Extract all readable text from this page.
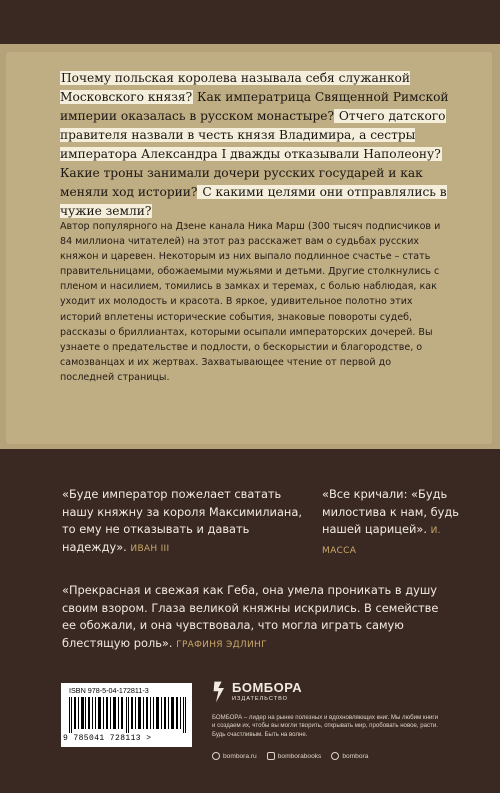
Почему польская королева называла себя служанкой Московского князя? Как императрица Священной Римской империи оказалась в русском монастыре? Отчего датского правителя назвали в честь князя Владимира, а сестры императора Александра I дважды отказывали Наполеону? Какие троны занимали дочери русских государей и как меняли ход истории? С какими целями они отправлялись в чужие земли?
Автор популярного на Дзене канала Ника Марш (300 тысяч подписчиков и 84 миллиона читателей) на этот раз расскажет вам о судьбах русских княжон и царевен. Некоторым из них выпало подлинное счастье – стать правительницами, обожаемыми мужьями и детьми. Другие столкнулись с пленом и насилием, томились в замках и теремах, с болью наблюдая, как уходит их молодость и красота. В яркое, удивительное полотно этих историй вплетены исторические события, знаковые повороты судеб, рассказы о бриллиантах, которыми осыпали императорских дочерей. Вы узнаете о предательстве и подлости, о бескорыстии и благородстве, о самозванцах и их жертвах. Захватывающее чтение от первой до последней страницы.
«Буде император пожелает сватать нашу княжну за короля Максимилиана, то ему не отказывать и давать надежду». ИВАН III
«Все кричали: «Будь милостива к нам, будь нашей царицей». И. МАССА
«Прекрасная и свежая как Геба, она умела проникать в душу своим взором. Глаза великой княжны искрились. В семействе ее обожали, и она чувствовала, что могла играть самую блестящую роль». ГРАФИНЯ ЭДЛИНГ
ISBN 978-5-04-172811-3
9 785041 728113 >
БОМБОРА
ИЗДАТЕЛЬСТВО
БОМБОРА – лидер на рынке полезных и вдохновляющих книг. Мы любим книги и создаем их, чтобы вы могли творить, открывать мир, пробовать новое, расти. Будь счастливым. Быть на волне.
bombora.ru	bomborabooks	bombora
